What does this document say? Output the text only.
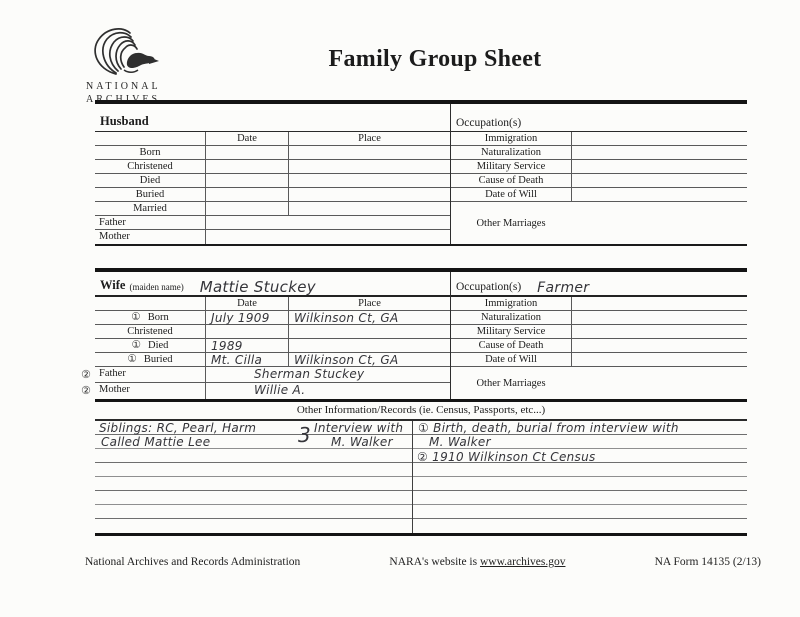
NATIONAL
ARCHIVES
Family Group Sheet
Husband
Date	Place
Born
Christened
Died
Buried
Married
Father
Mother
Occupation(s)
Immigration
Naturalization
Military Service
Cause of Death
Date of Will
Other Marriages
Wife (maiden name) Mattie Stuckey
Date	Place
① Born	July 1909	Wilkinson Ct, GA
Christened
① Died	1989
① Buried	Mt. Cilla	Wilkinson Ct, GA
② Father	Sherman Stuckey
② Mother	Willie A.
Occupation(s) Farmer
Immigration
Naturalization
Military Service
Cause of Death
Date of Will
Other Marriages
Other Information/Records (ie. Census, Passports, etc...)
Siblings: RC, Pearl, Harm 3 Interview with
Called Mattie Lee	M. Walker
① Birth, death, burial from interview with
M. Walker
② 1910 Wilkinson Ct Census
National Archives and Records Administration	NARA's website is www.archives.gov	NA Form 14135 (2/13)
